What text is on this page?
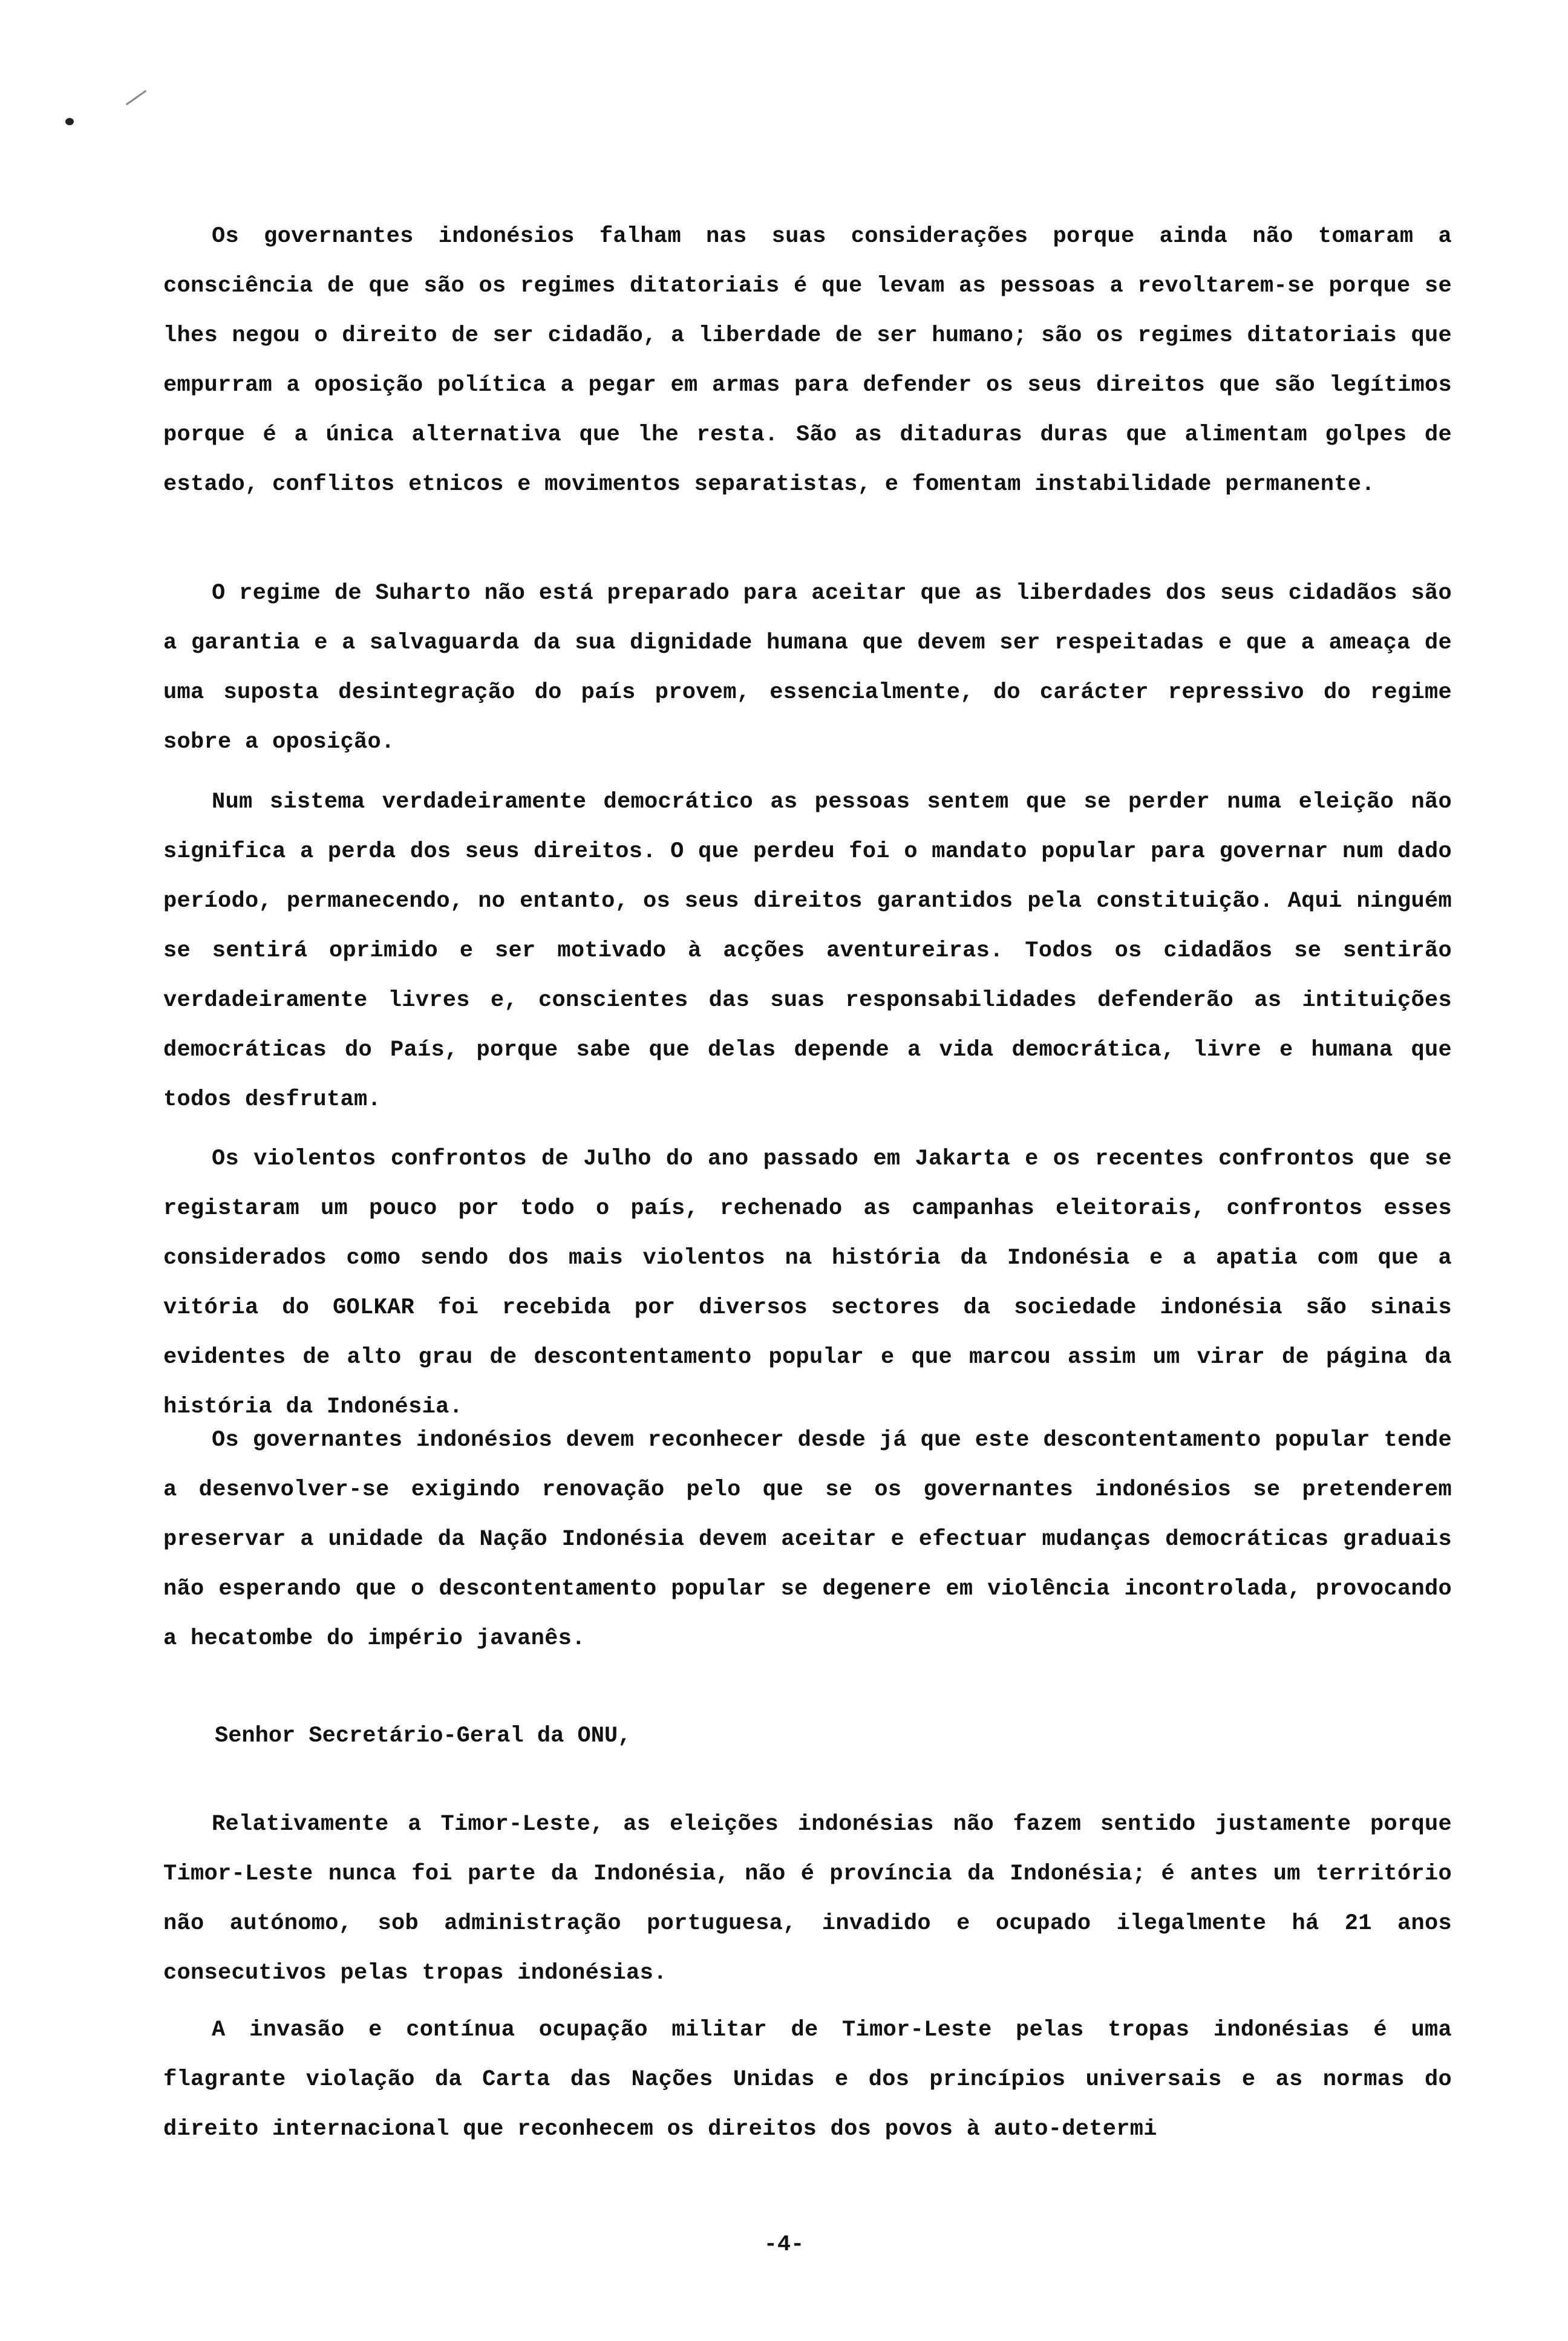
Os governantes indonésios falham nas suas considerações porque ainda não tomaram a consciência de que são os regimes ditatoriais é que levam as pessoas a revoltarem-se porque se lhes negou o direito de ser cidadão, a liberdade de ser humano; são os regimes ditatoriais que empurram a oposição política a pegar em armas para defender os seus direitos que são legítimos porque é a única alternativa que lhe resta. São as ditaduras duras que alimentam golpes de estado, conflitos etnicos e movimentos separatistas, e fomentam instabilidade permanente.

O regime de Suharto não está preparado para aceitar que as liberdades dos seus cidadãos são a garantia e a salvaguarda da sua dignidade humana que devem ser respeitadas e que a ameaça de uma suposta desintegração do país provem, essencialmente, do carácter repressivo do regime sobre a oposição.

Num sistema verdadeiramente democrático as pessoas sentem que se perder numa eleição não significa a perda dos seus direitos. O que perdeu foi o mandato popular para governar num dado período, permanecendo, no entanto, os seus direitos garantidos pela constituição. Aqui ninguém se sentirá oprimido e ser motivado à acções aventureiras. Todos os cidadãos se sentirão verdadeiramente livres e, conscientes das suas responsabilidades defenderão as intituições democráticas do País, porque sabe que delas depende a vida democrática, livre e humana que todos desfrutam.

Os violentos confrontos de Julho do ano passado em Jakarta e os recentes confrontos que se registaram um pouco por todo o país, rechenado as campanhas eleitorais, confrontos esses considerados como sendo dos mais violentos na história da Indonésia e a apatia com que a vitória do GOLKAR foi recebida por diversos sectores da sociedade indonésia são sinais evidentes de alto grau de descontentamento popular e que marcou assim um virar de página da história da Indonésia.

Os governantes indonésios devem reconhecer desde já que este descontentamento popular tende a desenvolver-se exigindo renovação pelo que se os governantes indonésios se pretenderem preservar a unidade da Nação Indonésia devem aceitar e efectuar mudanças democráticas graduais não esperando que o descontentamento popular se degenere em violência incontrolada, provocando a hecatombe do império javanês.

Senhor Secretário-Geral da ONU,

Relativamente a Timor-Leste, as eleições indonésias não fazem sentido justamente porque Timor-Leste nunca foi parte da Indonésia, não é província da Indonésia; é antes um território não autónomo, sob administração portuguesa, invadido e ocupado ilegalmente há 21 anos consecutivos pelas tropas indonésias.

A invasão e contínua ocupação militar de Timor-Leste pelas tropas indonésias é uma flagrante violação da Carta das Nações Unidas e dos princípios universais e as normas do direito internacional que reconhecem os direitos dos povos à auto-determi

-4-
